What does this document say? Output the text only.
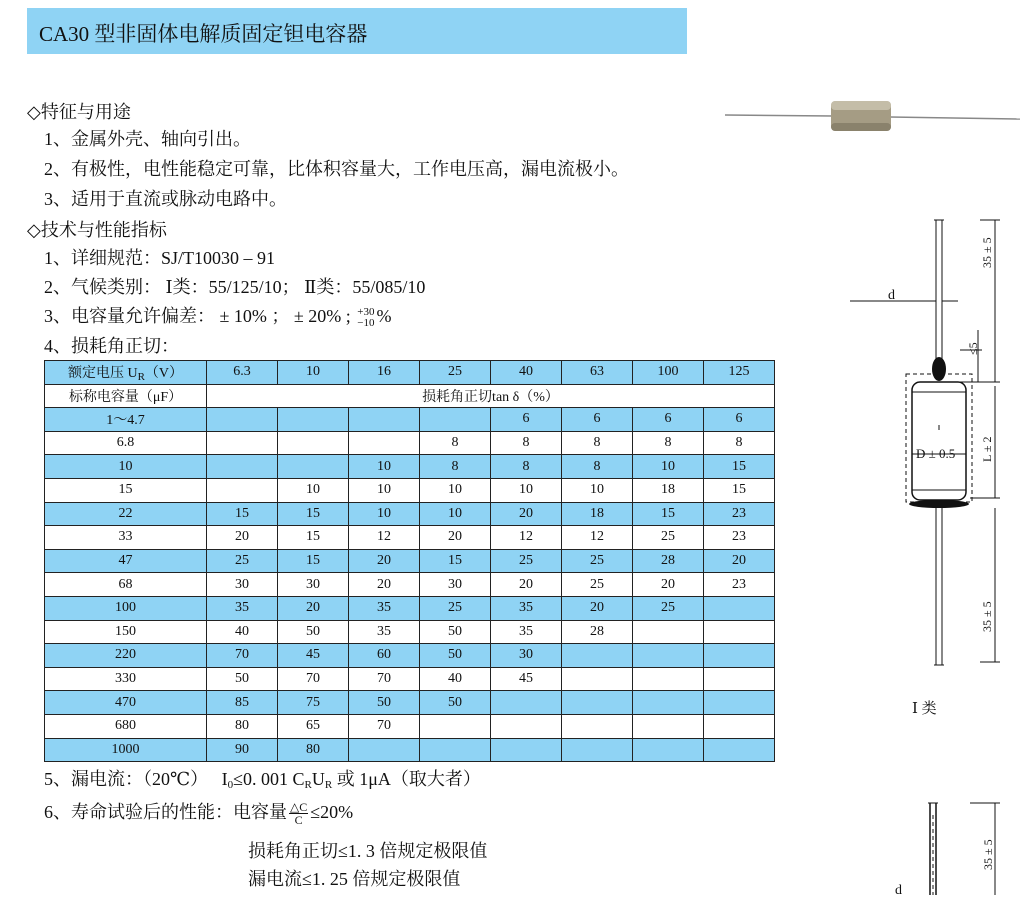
CA30 型非固体电解质固定钽电容器
◇特征与用途
1、金属外壳、轴向引出。
2、有极性，电性能稳定可靠，比体积容量大，工作电压高，漏电流极小。
3、适用于直流或脉动电路中。
◇技术与性能指标
1、详细规范：SJ/T10030 – 91
2、气候类别： Ⅰ类：55/125/10； Ⅱ类：55/085/10
3、电容量允许偏差： ± 10% ； ± 20% ; +30
−10 %
4、损耗角正切：
额定电压 $U_R(V)$	6.3	10	16	25	40	63	100	125
标称电容量（μF）	损耗角正切tan δ（%）							
1～4.7					6	6	6	6
6.8				8	8	8	8	8
10			10	8	8	8	10	15
15		10	10	10	10	10	18	15
22	15	15	10	10	20	18	15	23
33	20	15	12	20	12	12	25	23
47	25	15	20	15	25	25	28	20
68	30	30	20	30	20	25	20	23
100	35	20	35	25	35	20	25	
150	40	50	35	50	35	28		
220	70	45	60	50	30			
330	50	70	70	40	45			
470	85	75	50	50				
680	80	65	70					
1000	90	80						
5、漏电流：（20℃） $I_0\le 0$. 001 $C_RU_R$ 或 1μA（取大者）
6、寿命试验后的性能：电容量 $\frac{\triangle C}{C} \le 20\%$
损耗角正切≤1. 3 倍规定极限值
漏电流≤1. 25 倍规定极限值
d
35 ± 5
≤5
D ± 0.5 L ± 2
35 ± 5
Ⅰ 类
35 ± 5
d
